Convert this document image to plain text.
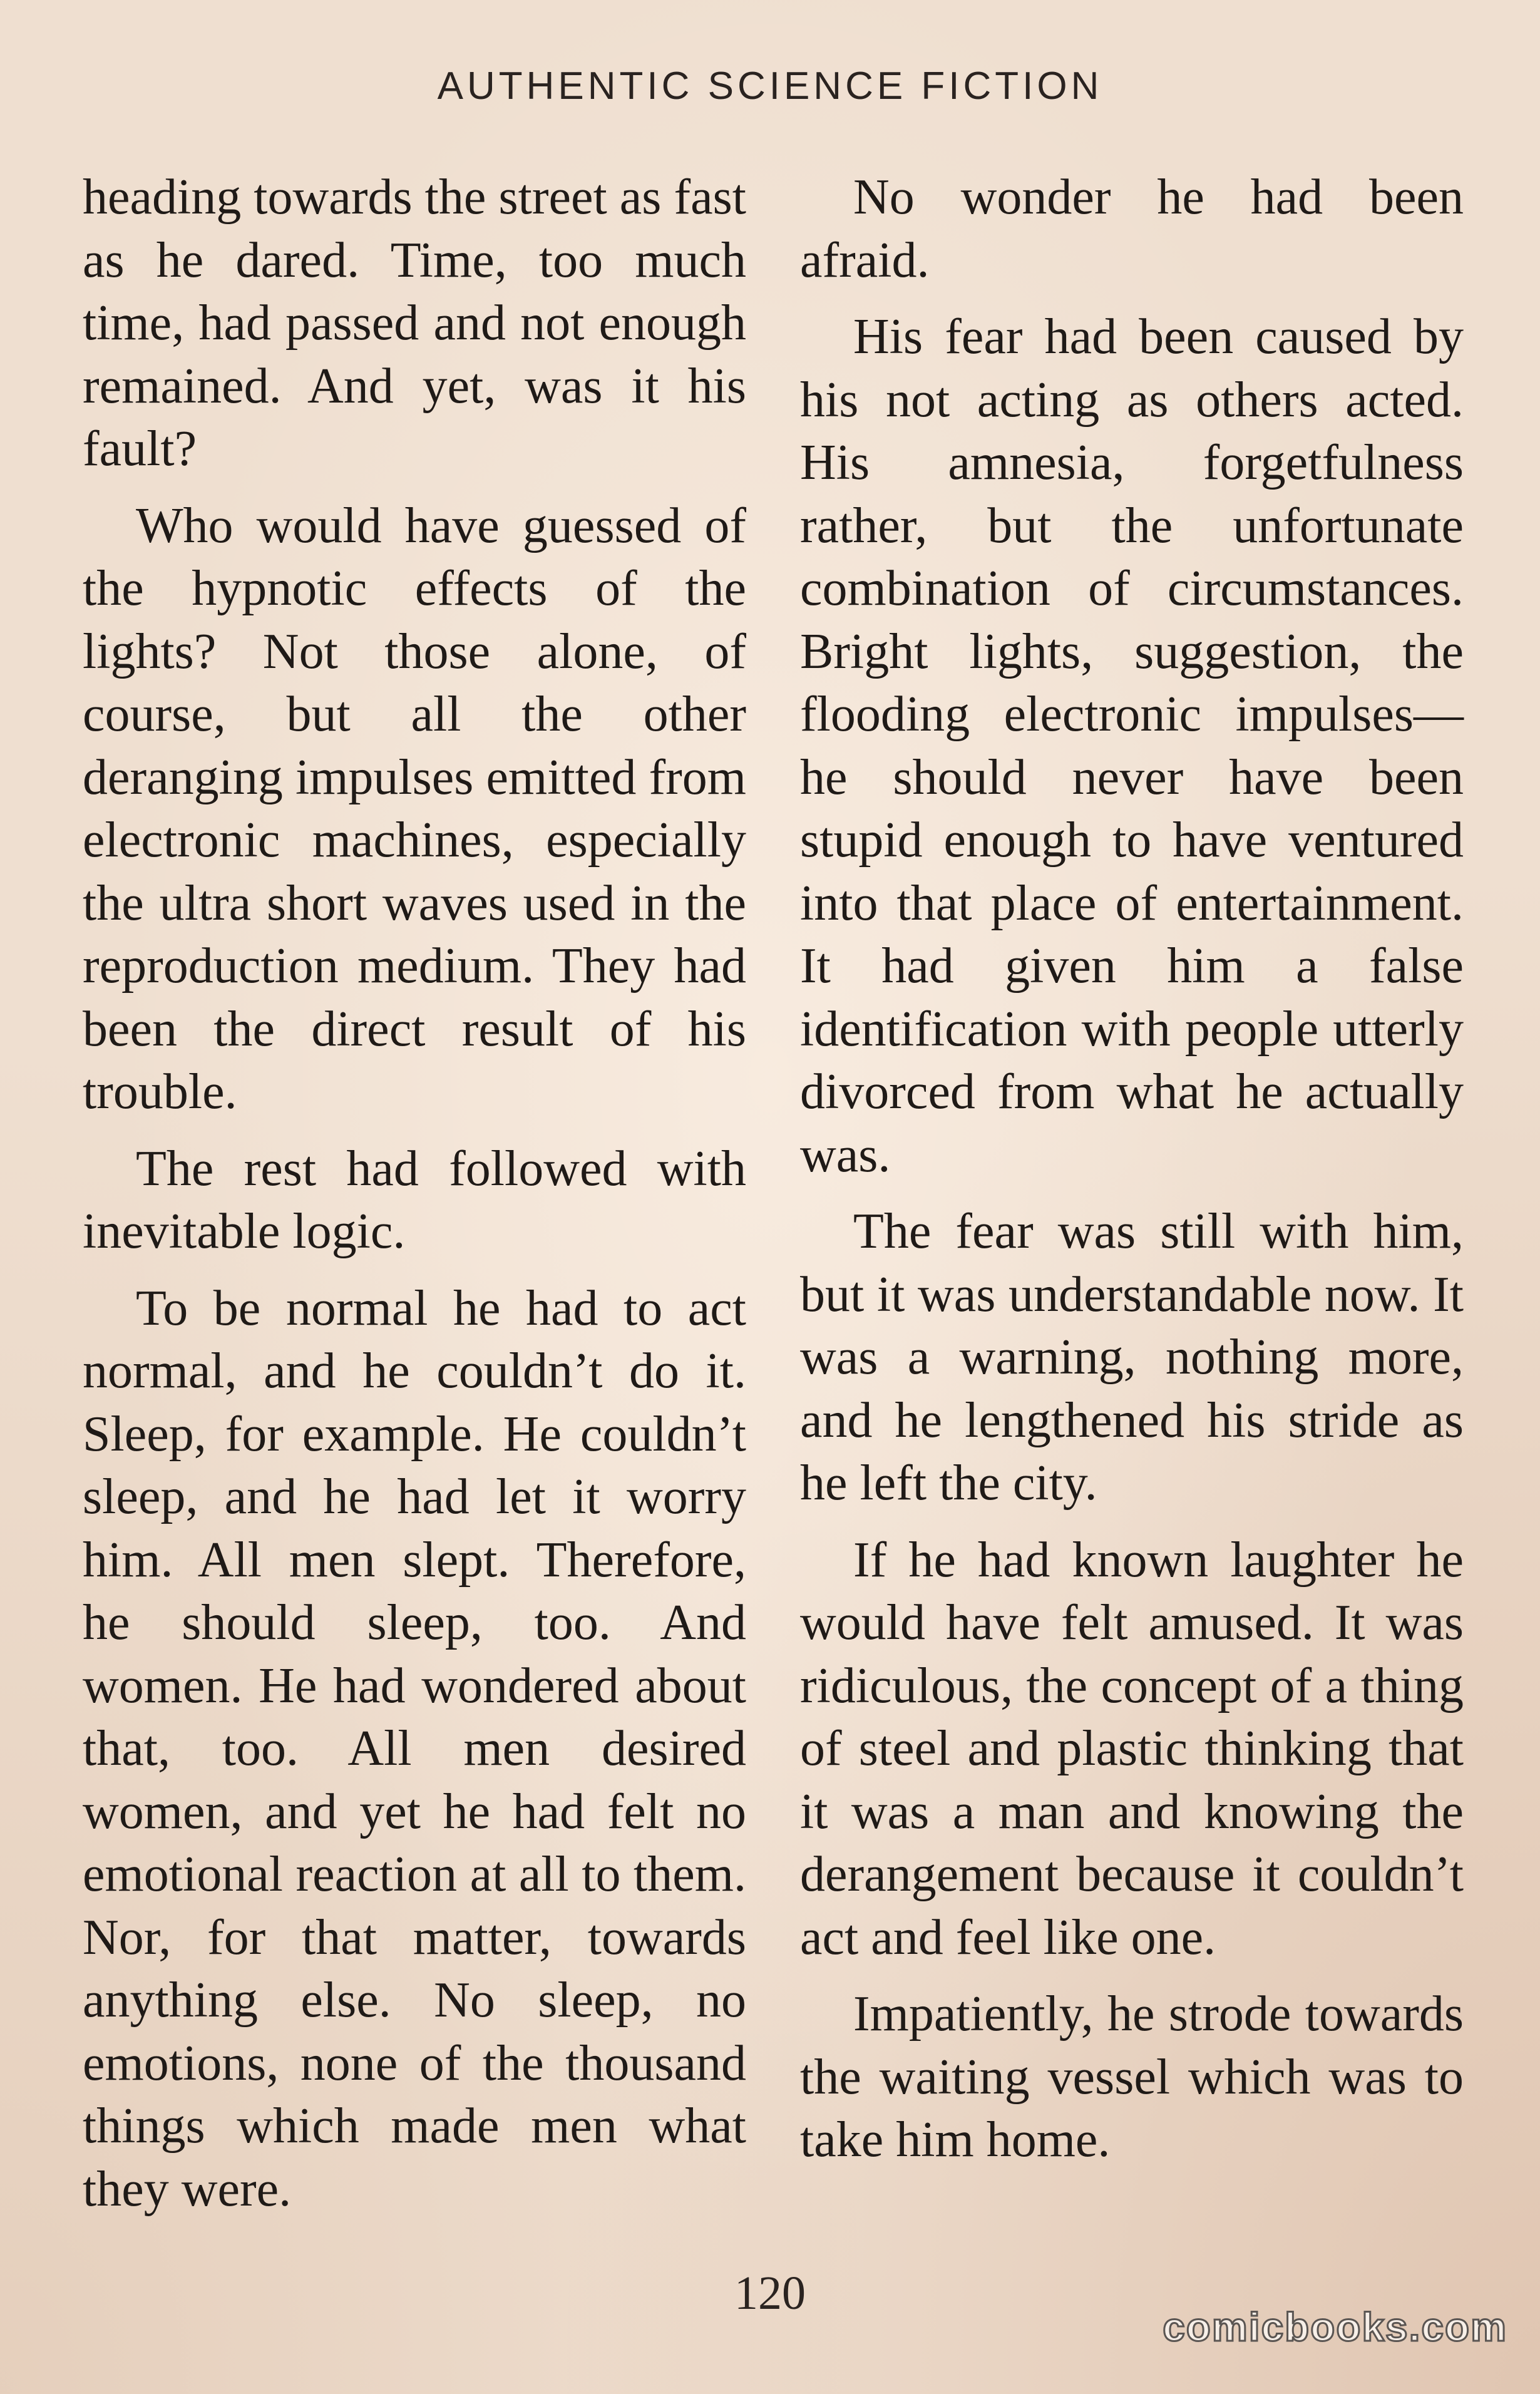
AUTHENTIC SCIENCE FICTION

heading towards the street as fast as he dared. Time, too much time, had passed and not enough remained. And yet, was it his fault?

Who would have guessed of the hypnotic effects of the lights? Not those alone, of course, but all the other deranging impulses emitted from electronic machines, especially the ultra short waves used in the reproduction medium. They had been the direct result of his trouble.

The rest had followed with inevitable logic.

To be normal he had to act normal, and he couldn’t do it. Sleep, for example. He couldn’t sleep, and he had let it worry him. All men slept. Therefore, he should sleep, too. And women. He had wondered about that, too. All men desired women, and yet he had felt no emotional reaction at all to them. Nor, for that matter, towards anything else. No sleep, no emotions, none of the thousand things which made men what they were.

No wonder he had been afraid.

His fear had been caused by his not acting as others acted. His amnesia, forgetfulness rather, but the unfortunate combination of circumstances. Bright lights, suggestion, the flooding electronic impulses—he should never have been stupid enough to have ventured into that place of entertainment. It had given him a false identification with people utterly divorced from what he actually was.

The fear was still with him, but it was understandable now. It was a warning, nothing more, and he lengthened his stride as he left the city.

If he had known laughter he would have felt amused. It was ridiculous, the concept of a thing of steel and plastic thinking that it was a man and knowing the derangement because it couldn’t act and feel like one.

Impatiently, he strode towards the waiting vessel which was to take him home.

120
comicbooks.com
